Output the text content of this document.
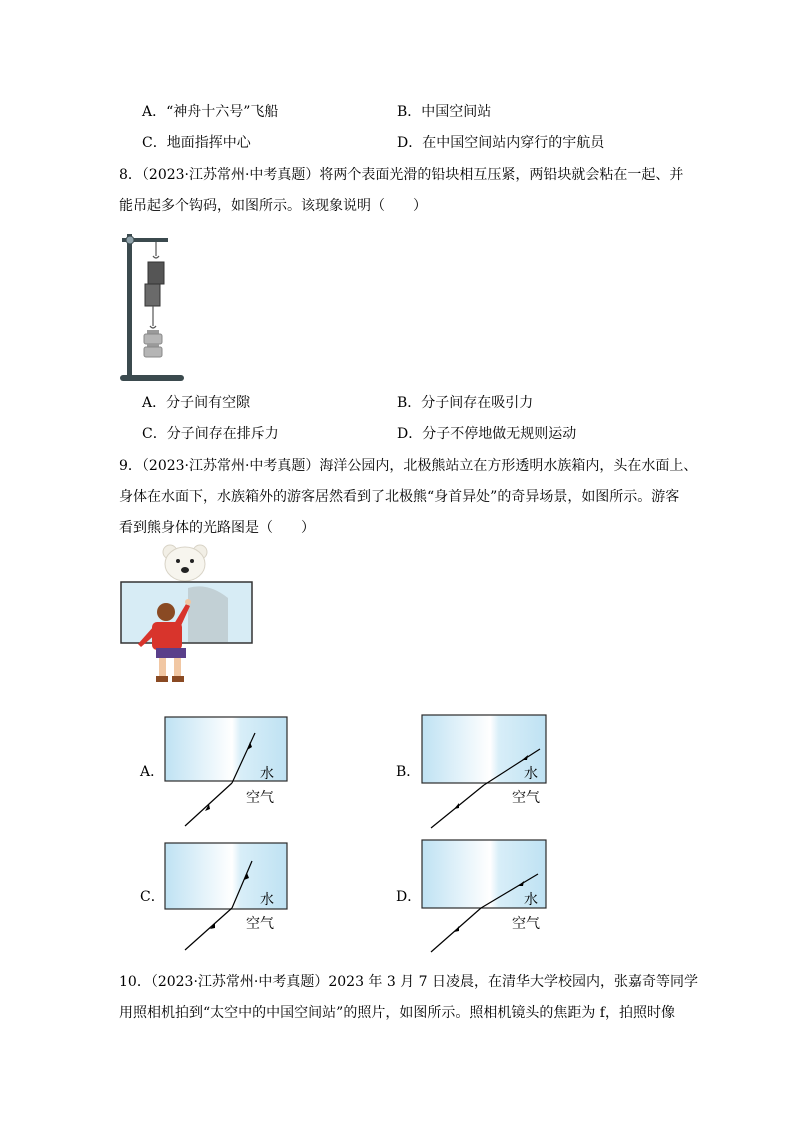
A．“神舟十六号”飞船	B．中国空间站
C．地面指挥中心	D．在中国空间站内穿行的宇航员
8．（2023·江苏常州·中考真题）将两个表面光滑的铅块相互压紧，两铅块就会粘在一起、并
能吊起多个钩码，如图所示。该现象说明（　　）
A．分子间有空隙	B．分子间存在吸引力
C．分子间存在排斥力	D．分子不停地做无规则运动
9．（2023·江苏常州·中考真题）海洋公园内，北极熊站立在方形透明水族箱内，头在水面上、
身体在水面下，水族箱外的游客居然看到了北极熊“身首异处”的奇异场景，如图所示。游客
看到熊身体的光路图是（　　）
A．	水
空气
B．	水
空气
C．	水
空气
D．	水
空气
10．（2023·江苏常州·中考真题）2023 年 3 月 7 日凌晨，在清华大学校园内，张嘉奇等同学
用照相机拍到“太空中的中国空间站”的照片，如图所示。照相机镜头的焦距为 f，拍照时像
